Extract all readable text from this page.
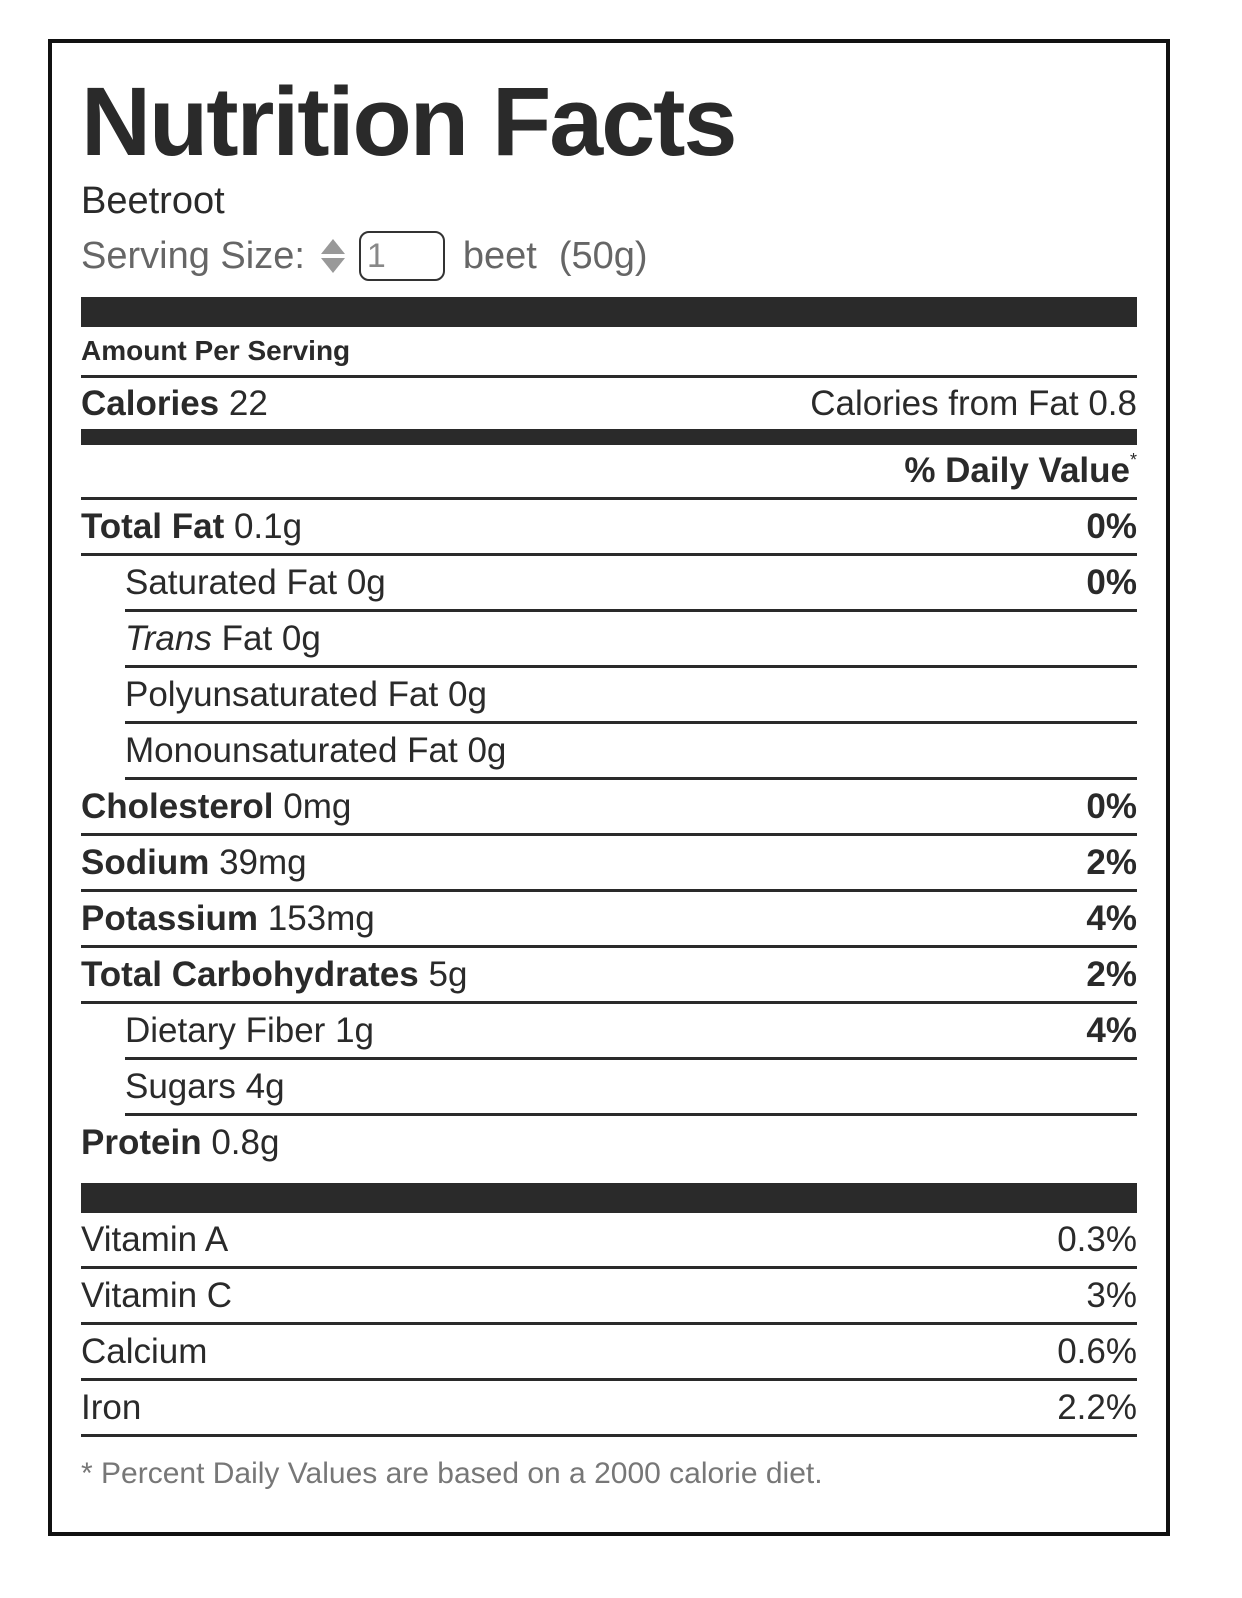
Nutrition Facts
Beetroot
Serving Size:
1	beet (50g)
Amount Per Serving
Calories 22	Calories from Fat 0.8
% Daily Value*
Total Fat 0.1g	0%
Saturated Fat 0g	0%
Trans Fat 0g
Polyunsaturated Fat 0g
Monounsaturated Fat 0g
Cholesterol 0mg	0%
Sodium 39mg	2%
Potassium 153mg	4%
Total Carbohydrates 5g	2%
Dietary Fiber 1g	4%
Sugars 4g
Protein 0.8g
Vitamin A	0.3%
Vitamin C	3%
Calcium	0.6%
Iron	2.2%
* Percent Daily Values are based on a 2000 calorie diet.
